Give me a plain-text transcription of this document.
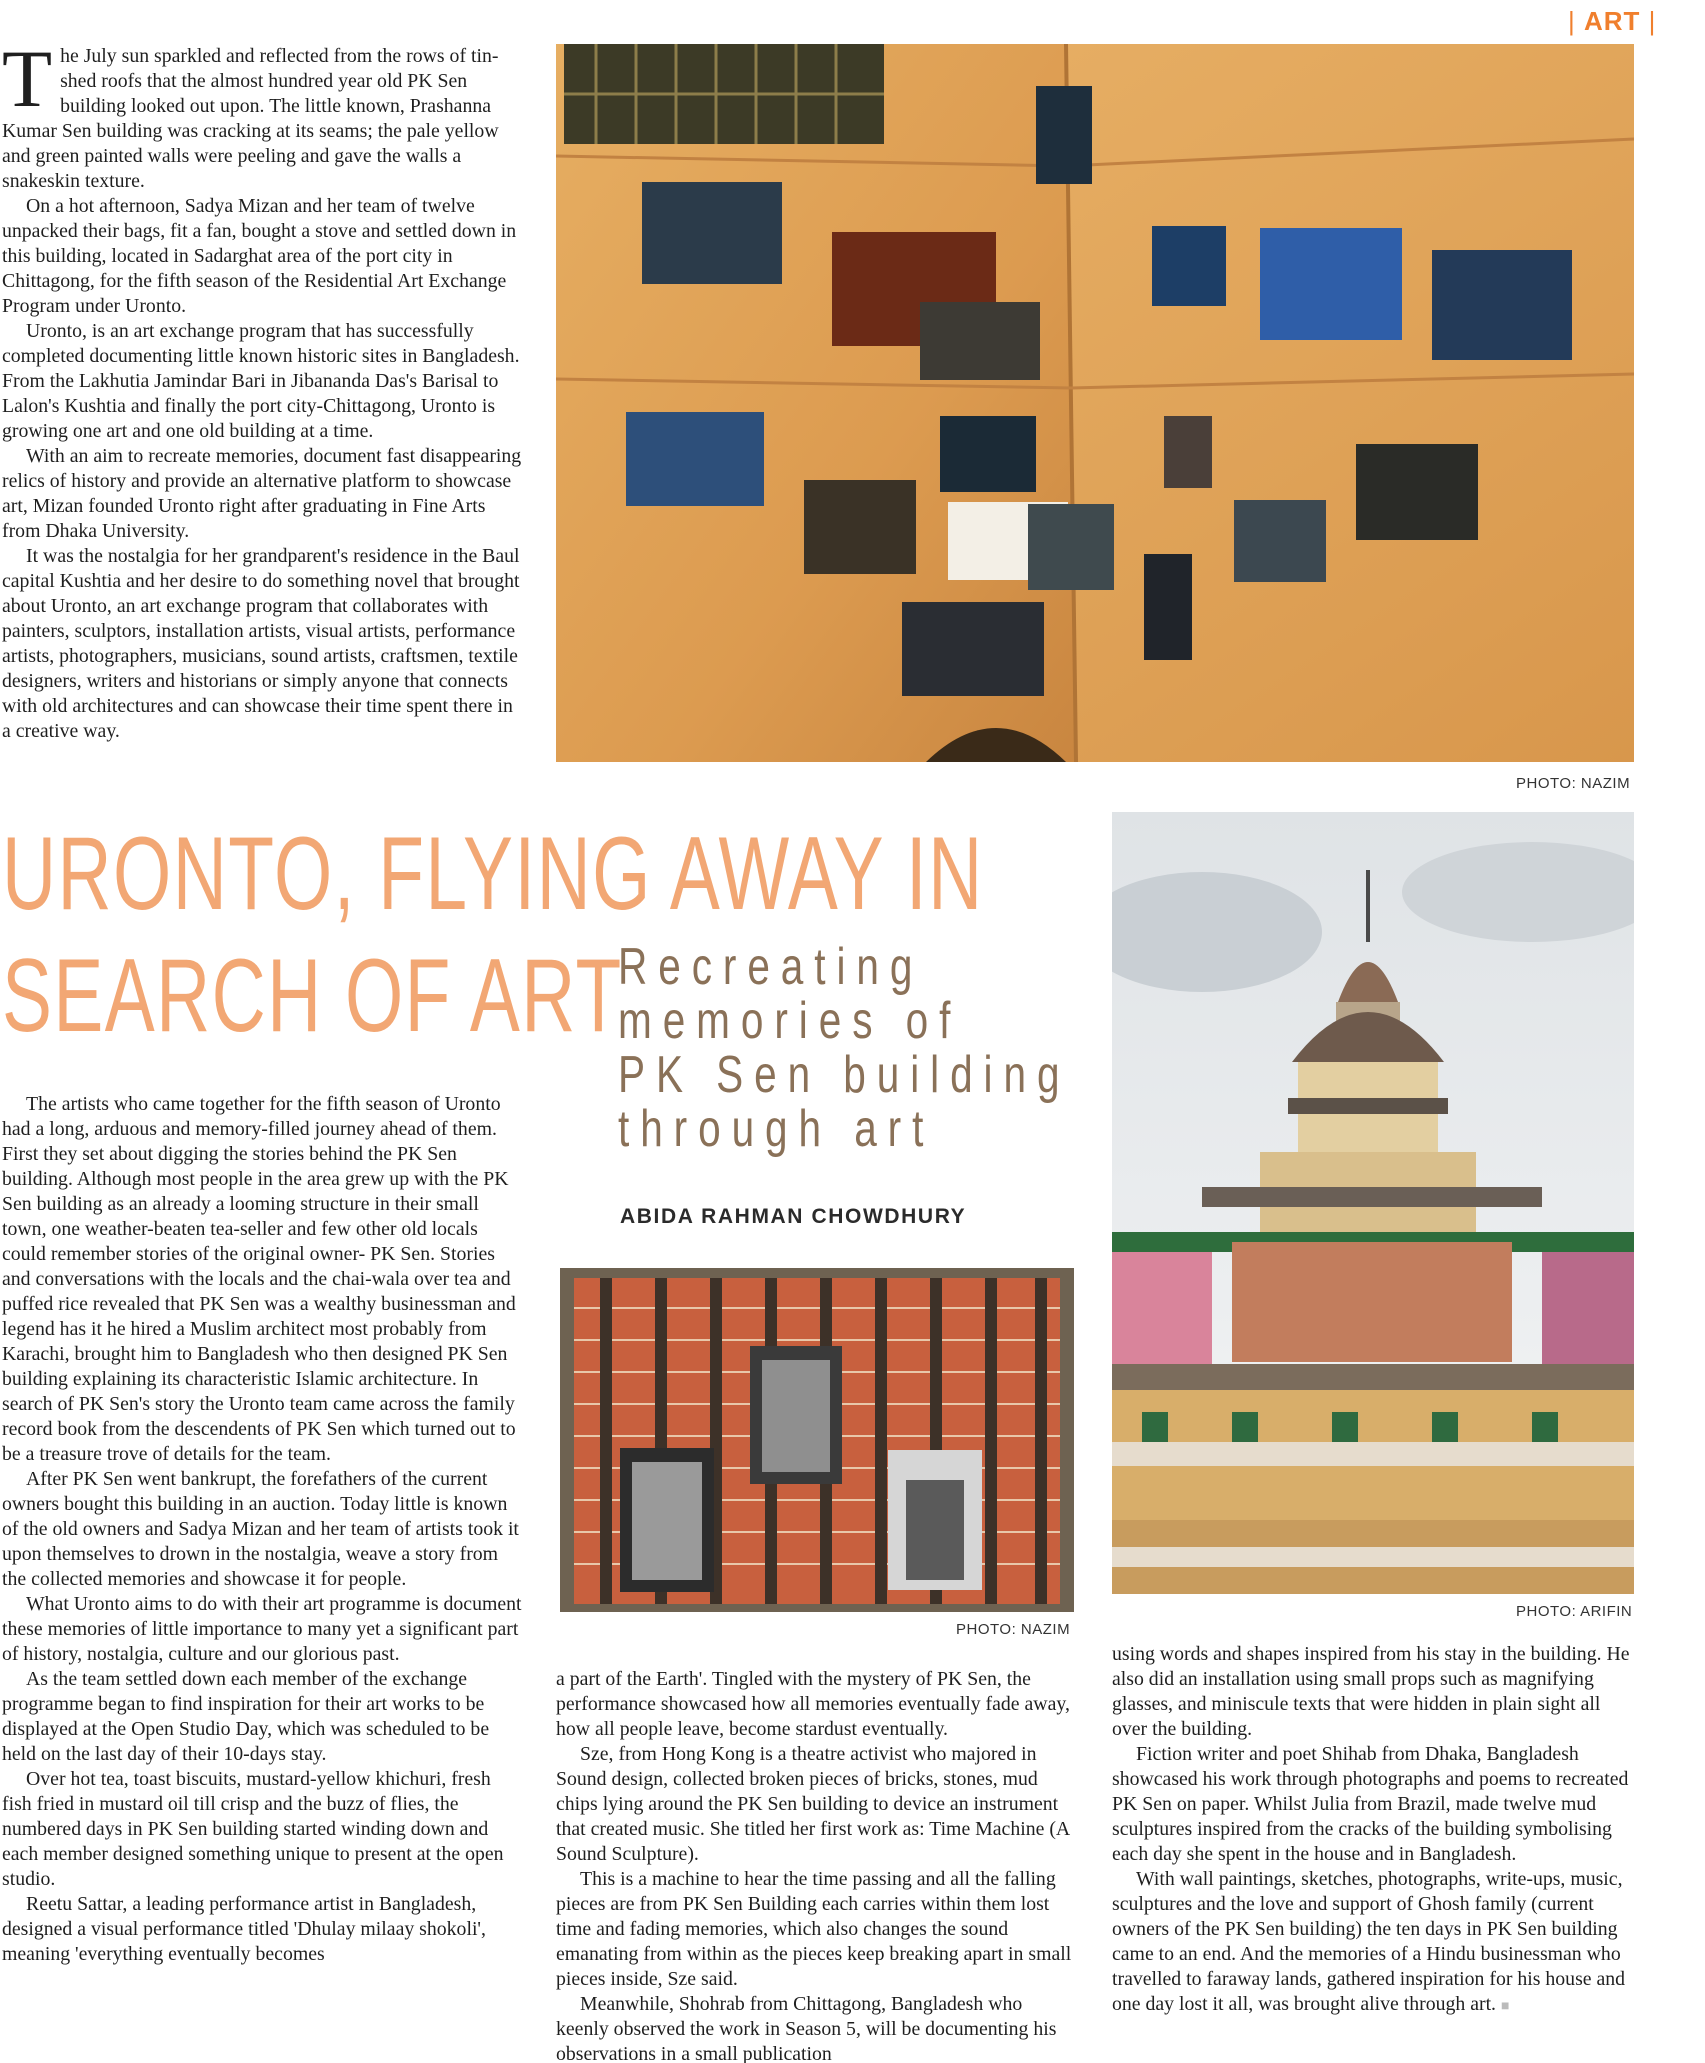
| ART |

The July sun sparkled and reflected from the rows of tin-shed roofs that the almost hundred year old PK Sen building looked out upon. The little known, Prashanna Kumar Sen building was cracking at its seams; the pale yellow and green painted walls were peeling and gave the walls a snakeskin texture.

On a hot afternoon, Sadya Mizan and her team of twelve unpacked their bags, fit a fan, bought a stove and settled down in this building, located in Sadarghat area of the port city in Chittagong, for the fifth season of the Residential Art Exchange Program under Uronto.

Uronto, is an art exchange program that has successfully completed documenting little known historic sites in Bangladesh. From the Lakhutia Jamindar Bari in Jibananda Das's Barisal to Lalon's Kushtia and finally the port city-Chittagong, Uronto is growing one art and one old building at a time.

With an aim to recreate memories, document fast disappearing relics of history and provide an alternative platform to showcase art, Mizan founded Uronto right after graduating in Fine Arts from Dhaka University.

It was the nostalgia for her grandparent's residence in the Baul capital Kushtia and her desire to do something novel that brought about Uronto, an art exchange program that collaborates with painters, sculptors, installation artists, visual artists, performance artists, photographers, musicians, sound artists, craftsmen, textile designers, writers and historians or simply anyone that connects with old architectures and can showcase their time spent there in a creative way.

PHOTO: NAZIM
URONTO, FLYING AWAY IN
SEARCH OF ART
Recreating
memories of
PK Sen building
through art
ABIDA RAHMAN CHOWDHURY
PHOTO: ARIFIN
PHOTO: NAZIM

The artists who came together for the fifth season of Uronto had a long, arduous and memory-filled journey ahead of them. First they set about digging the stories behind the PK Sen building. Although most people in the area grew up with the PK Sen building as an already a looming structure in their small town, one weather-beaten tea-seller and few other old locals could remember stories of the original owner- PK Sen. Stories and conversations with the locals and the chai-wala over tea and puffed rice revealed that PK Sen was a wealthy businessman and legend has it he hired a Muslim architect most probably from Karachi, brought him to Bangladesh who then designed PK Sen building explaining its characteristic Islamic architecture. In search of PK Sen's story the Uronto team came across the family record book from the descendents of PK Sen which turned out to be a treasure trove of details for the team.

After PK Sen went bankrupt, the forefathers of the current owners bought this building in an auction. Today little is known of the old owners and Sadya Mizan and her team of artists took it upon themselves to drown in the nostalgia, weave a story from the collected memories and showcase it for people.

What Uronto aims to do with their art programme is document these memories of little importance to many yet a significant part of history, nostalgia, culture and our glorious past.

As the team settled down each member of the exchange programme began to find inspiration for their art works to be displayed at the Open Studio Day, which was scheduled to be held on the last day of their 10-days stay.

Over hot tea, toast biscuits, mustard-yellow khichuri, fresh fish fried in mustard oil till crisp and the buzz of flies, the numbered days in PK Sen building started winding down and each member designed something unique to present at the open studio.

Reetu Sattar, a leading performance artist in Bangladesh, designed a visual performance titled 'Dhulay milaay shokoli', meaning 'everything eventually becomes

a part of the Earth'. Tingled with the mystery of PK Sen, the performance showcased how all memories eventually fade away, how all people leave, become stardust eventually.

Sze, from Hong Kong is a theatre activist who majored in Sound design, collected broken pieces of bricks, stones, mud chips lying around the PK Sen building to device an instrument that created music. She titled her first work as: Time Machine (A Sound Sculpture).

This is a machine to hear the time passing and all the falling pieces are from PK Sen Building each carries within them lost time and fading memories, which also changes the sound emanating from within as the pieces keep breaking apart in small pieces inside, Sze said.

Meanwhile, Shohrab from Chittagong, Bangladesh who keenly observed the work in Season 5, will be documenting his observations in a small publication

using words and shapes inspired from his stay in the building. He also did an installation using small props such as magnifying glasses, and miniscule texts that were hidden in plain sight all over the building.

Fiction writer and poet Shihab from Dhaka, Bangladesh showcased his work through photographs and poems to recreated PK Sen on paper. Whilst Julia from Brazil, made twelve mud sculptures inspired from the cracks of the building symbolising each day she spent in the house and in Bangladesh.

With wall paintings, sketches, photographs, write-ups, music, sculptures and the love and support of Ghosh family (current owners of the PK Sen building) the ten days in PK Sen building came to an end. And the memories of a Hindu businessman who travelled to faraway lands, gathered inspiration for his house and one day lost it all, was brought alive through art. ■
